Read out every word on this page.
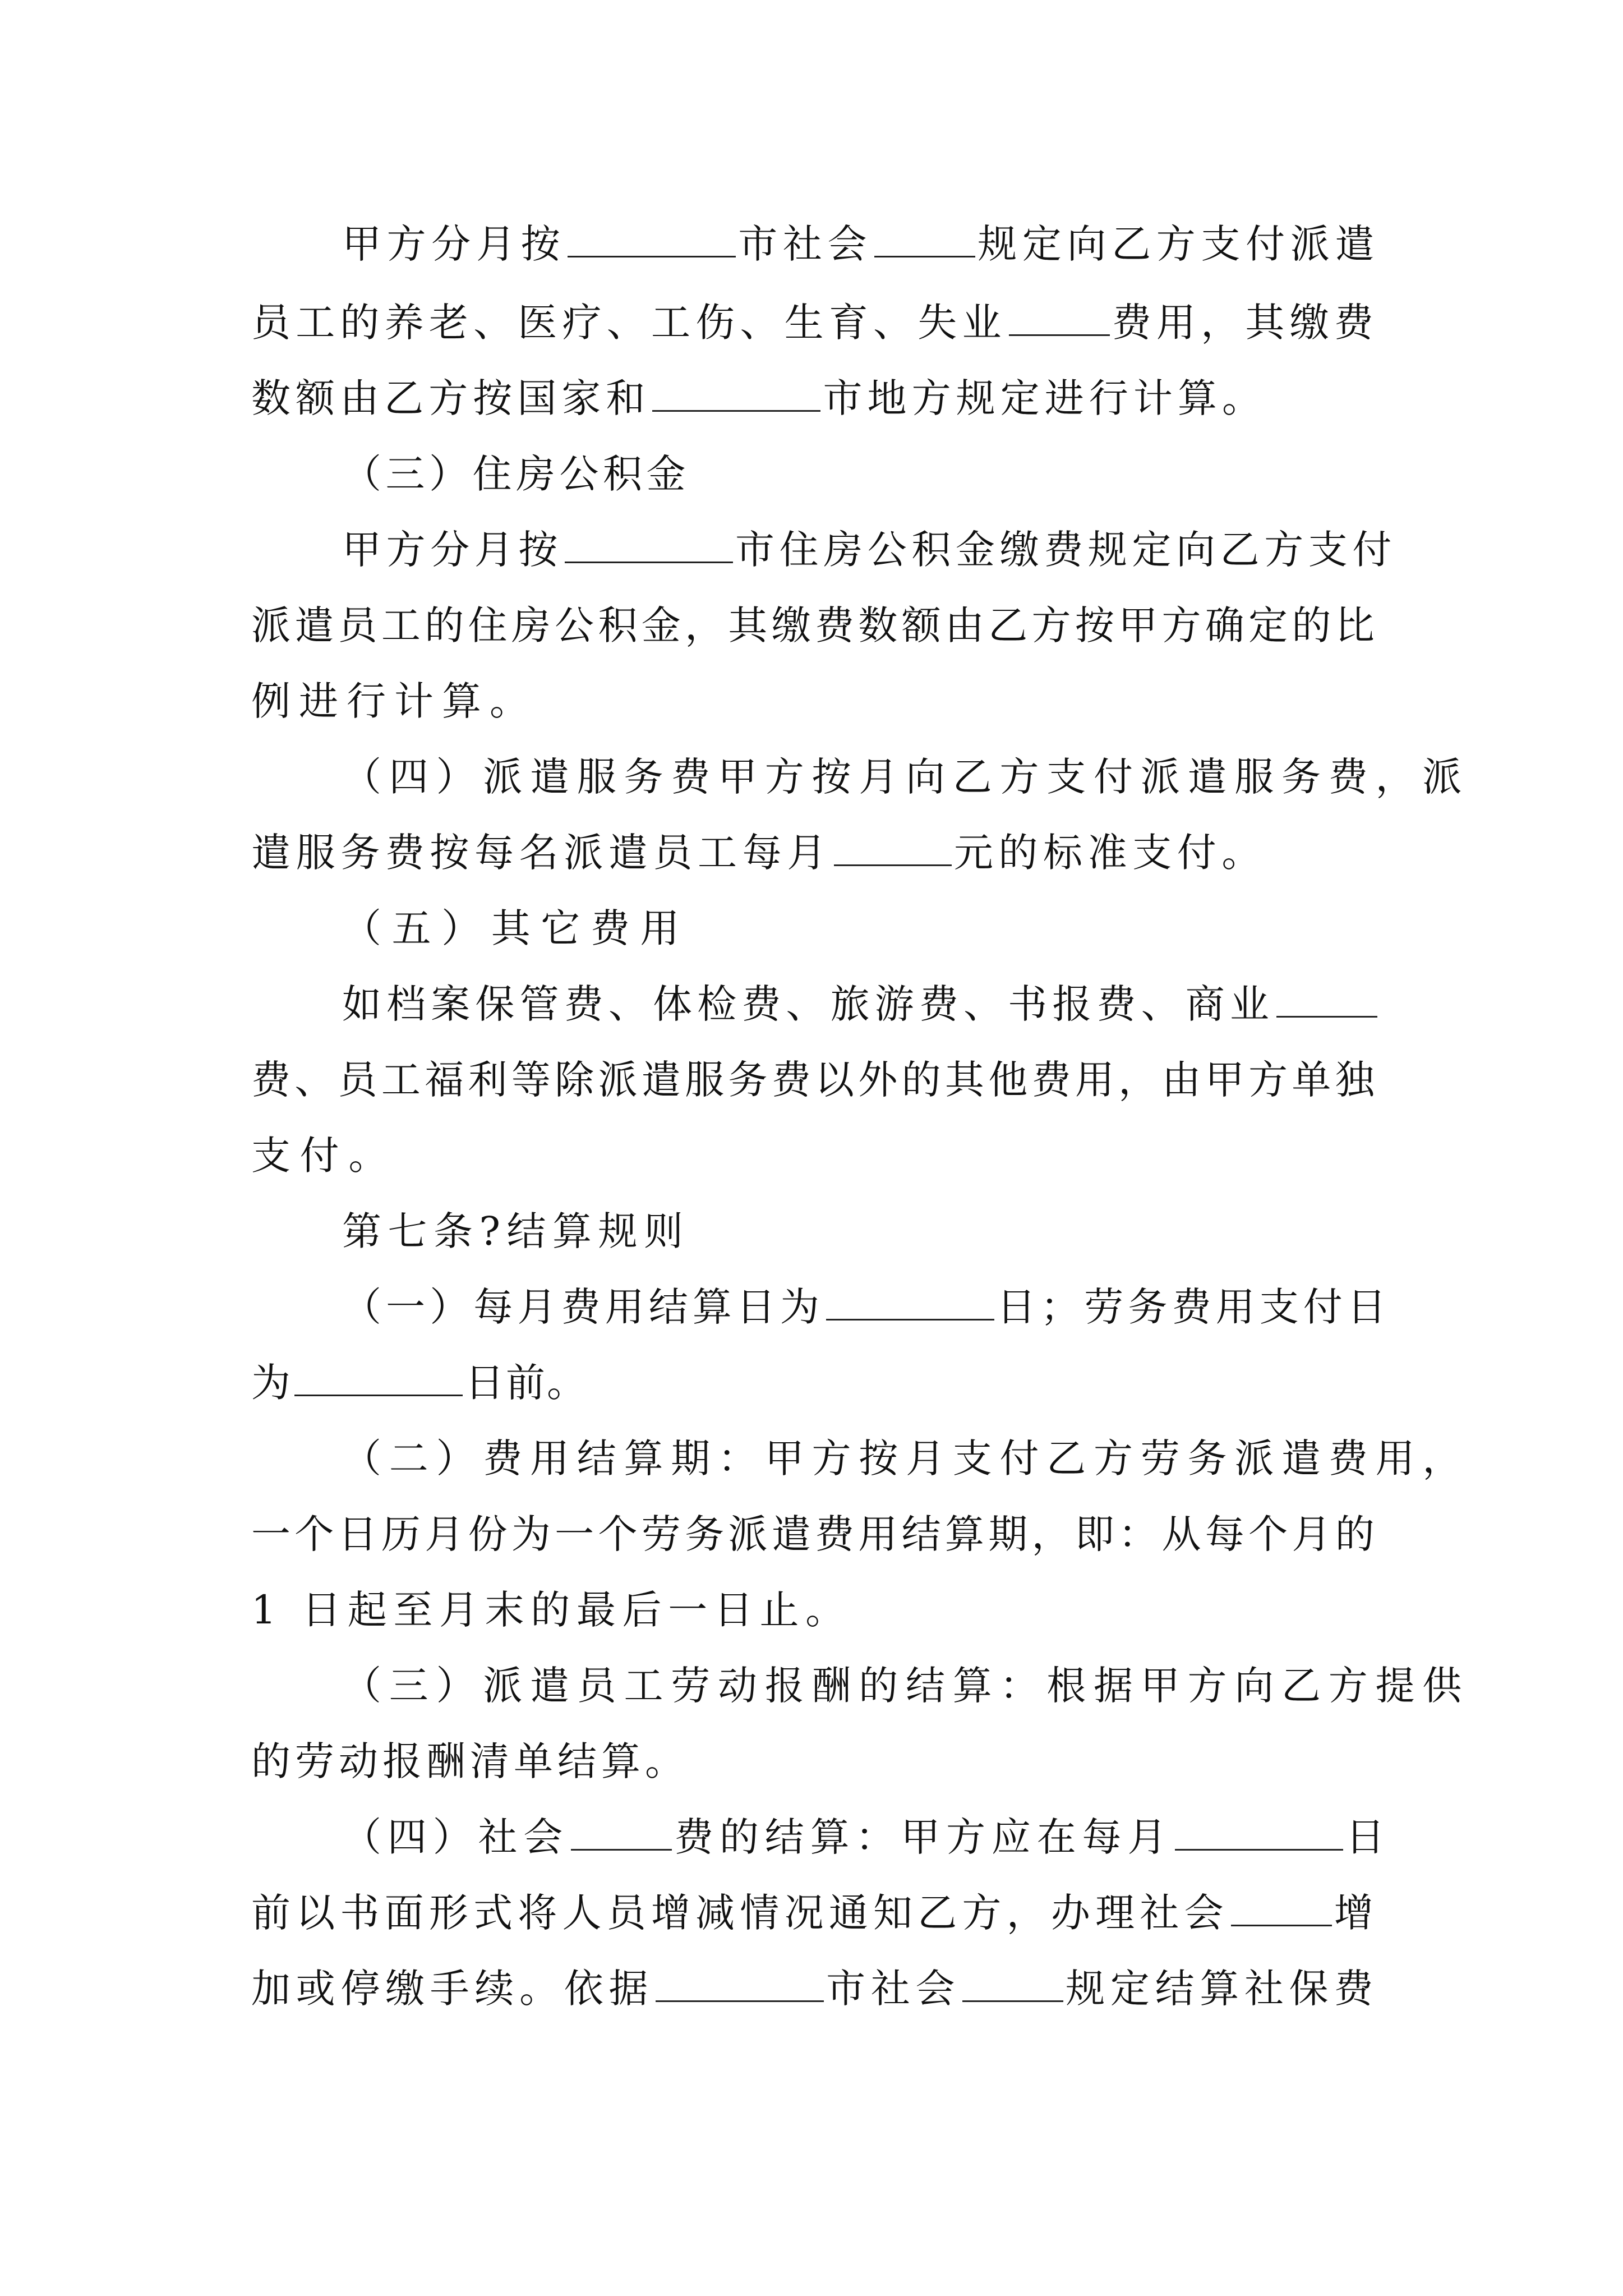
甲方分月按	市社会	规定向乙方支付派遣
员工的养老、医疗、工伤、生育、失业	费用，其缴费
数额由乙方按国家和	市地方规定进行计算。
（三）住房公积金
甲方分月按	市住房公积金缴费规定向乙方支付
派遣员工的住房公积金，其缴费数额由乙方按甲方确定的比
例进行计算。
（四）派遣服务费甲方按月向乙方支付派遣服务费，派
遣服务费按每名派遣员工每月	元的标准支付。
（五）其它费用
如档案保管费、体检费、旅游费、书报费、商业
费、员工福利等除派遣服务费以外的其他费用，由甲方单独
支付。
第七条?结算规则
（一）每月费用结算日为	日；劳务费用支付日
为	日前。
（二）费用结算期：甲方按月支付乙方劳务派遣费用，
一个日历月份为一个劳务派遣费用结算期，即：从每个月的
1 日起至月末的最后一日止。
（三）派遣员工劳动报酬的结算：根据甲方向乙方提供
的劳动报酬清单结算。
（四）社会	费的结算：甲方应在每月	日
前以书面形式将人员增减情况通知乙方，办理社会	增
加或停缴手续。依据	市社会	规定结算社保费
